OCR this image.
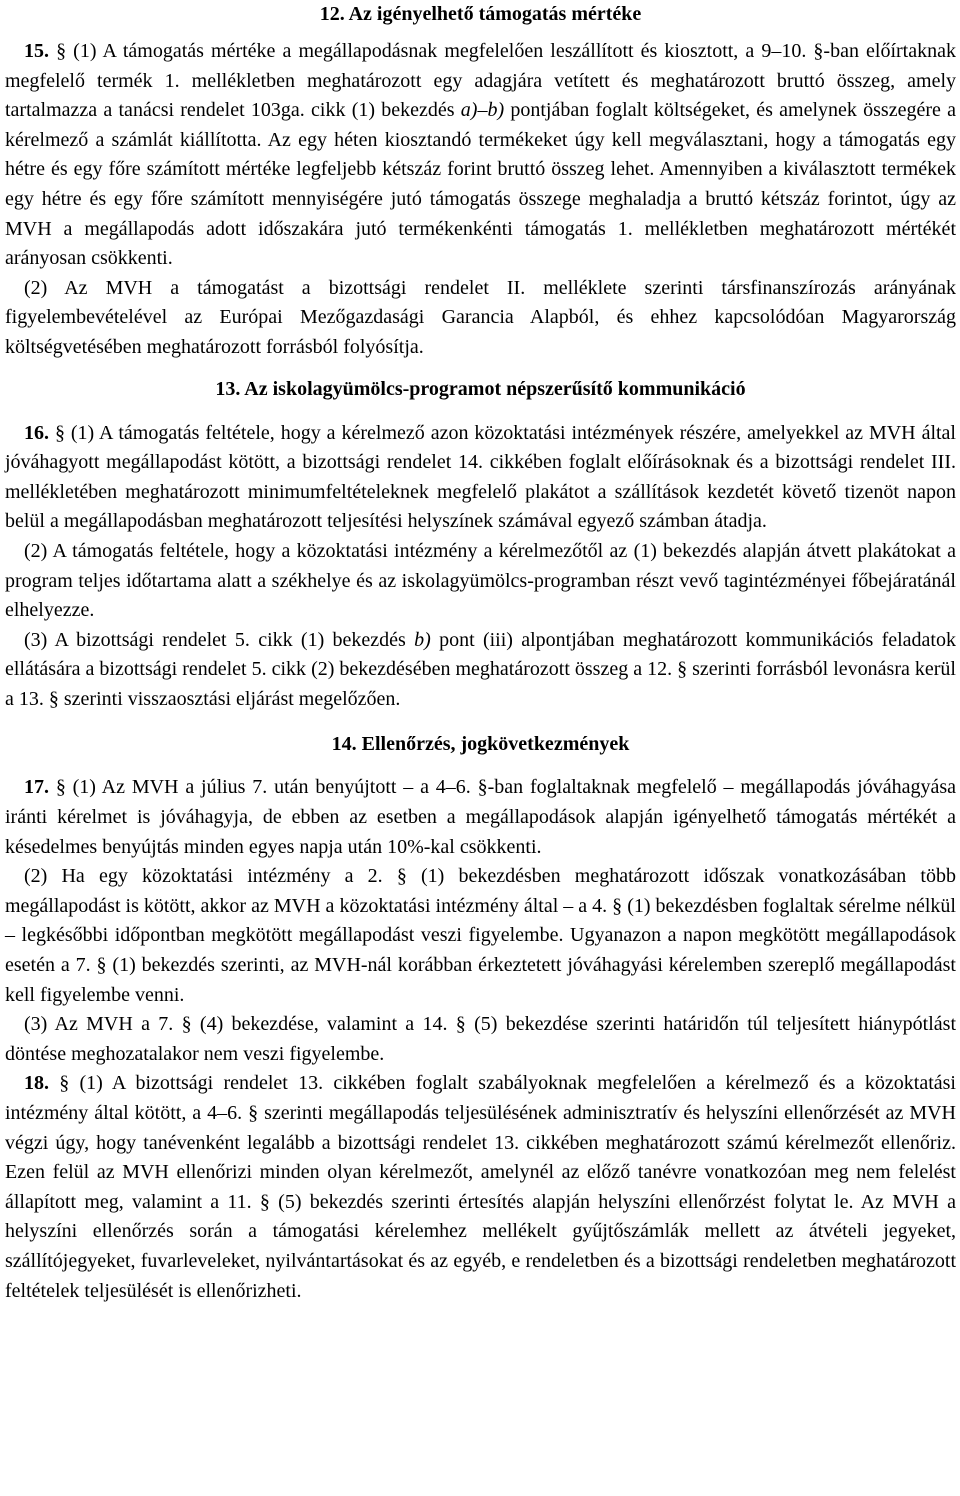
12. Az igényelhető támogatás mértéke

15. § (1) A támogatás mértéke a megállapodásnak megfelelően leszállított és kiosztott, a 9–10. §-ban előírtaknak megfelelő termék 1. mellékletben meghatározott egy adagjára vetített és meghatározott bruttó összeg, amely tartalmazza a tanácsi rendelet 103ga. cikk (1) bekezdés a)–b) pontjában foglalt költségeket, és amelynek összegére a kérelmező a számlát kiállította. Az egy héten kiosztandó termékeket úgy kell megválasztani, hogy a támogatás egy hétre és egy főre számított mértéke legfeljebb kétszáz forint bruttó összeg lehet. Amennyiben a kiválasztott termékek egy hétre és egy főre számított mennyiségére jutó támogatás összege meghaladja a bruttó kétszáz forintot, úgy az MVH a megállapodás adott időszakára jutó termékenkénti támogatás 1. mellékletben meghatározott mértékét arányosan csökkenti.

(2) Az MVH a támogatást a bizottsági rendelet II. melléklete szerinti társfinanszírozás arányának figyelembevételével az Európai Mezőgazdasági Garancia Alapból, és ehhez kapcsolódóan Magyarország költségvetésében meghatározott forrásból folyósítja.

13. Az iskolagyümölcs-programot népszerűsítő kommunikáció

16. § (1) A támogatás feltétele, hogy a kérelmező azon közoktatási intézmények részére, amelyekkel az MVH által jóváhagyott megállapodást kötött, a bizottsági rendelet 14. cikkében foglalt előírásoknak és a bizottsági rendelet III. mellékletében meghatározott minimumfeltételeknek megfelelő plakátot a szállítások kezdetét követő tizenöt napon belül a megállapodásban meghatározott teljesítési helyszínek számával egyező számban átadja.

(2) A támogatás feltétele, hogy a közoktatási intézmény a kérelmezőtől az (1) bekezdés alapján átvett plakátokat a program teljes időtartama alatt a székhelye és az iskolagyümölcs-programban részt vevő tagintézményei főbejáratánál elhelyezze.

(3) A bizottsági rendelet 5. cikk (1) bekezdés b) pont (iii) alpontjában meghatározott kommunikációs feladatok ellátására a bizottsági rendelet 5. cikk (2) bekezdésében meghatározott összeg a 12. § szerinti forrásból levonásra kerül a 13. § szerinti visszaosztási eljárást megelőzően.

14. Ellenőrzés, jogkövetkezmények

17. § (1) Az MVH a július 7. után benyújtott – a 4–6. §-ban foglaltaknak megfelelő – megállapodás jóváhagyása iránti kérelmet is jóváhagyja, de ebben az esetben a megállapodások alapján igényelhető támogatás mértékét a késedelmes benyújtás minden egyes napja után 10%-kal csökkenti.

(2) Ha egy közoktatási intézmény a 2. § (1) bekezdésben meghatározott időszak vonatkozásában több megállapodást is kötött, akkor az MVH a közoktatási intézmény által – a 4. § (1) bekezdésben foglaltak sérelme nélkül – legkésőbbi időpontban megkötött megállapodást veszi figyelembe. Ugyanazon a napon megkötött megállapodások esetén a 7. § (1) bekezdés szerinti, az MVH-nál korábban érkeztetett jóváhagyási kérelemben szereplő megállapodást kell figyelembe venni.

(3) Az MVH a 7. § (4) bekezdése, valamint a 14. § (5) bekezdése szerinti határidőn túl teljesített hiánypótlást döntése meghozatalakor nem veszi figyelembe.

18. § (1) A bizottsági rendelet 13. cikkében foglalt szabályoknak megfelelően a kérelmező és a közoktatási intézmény által kötött, a 4–6. § szerinti megállapodás teljesülésének adminisztratív és helyszíni ellenőrzését az MVH végzi úgy, hogy tanévenként legalább a bizottsági rendelet 13. cikkében meghatározott számú kérelmezőt ellenőriz. Ezen felül az MVH ellenőrizi minden olyan kérelmezőt, amelynél az előző tanévre vonatkozóan meg nem felelést állapított meg, valamint a 11. § (5) bekezdés szerinti értesítés alapján helyszíni ellenőrzést folytat le. Az MVH a helyszíni ellenőrzés során a támogatási kérelemhez mellékelt gyűjtőszámlák mellett az átvételi jegyeket, szállítójegyeket, fuvarleveleket, nyilvántartásokat és az egyéb, e rendeletben és a bizottsági rendeletben meghatározott feltételek teljesülését is ellenőrizheti.
